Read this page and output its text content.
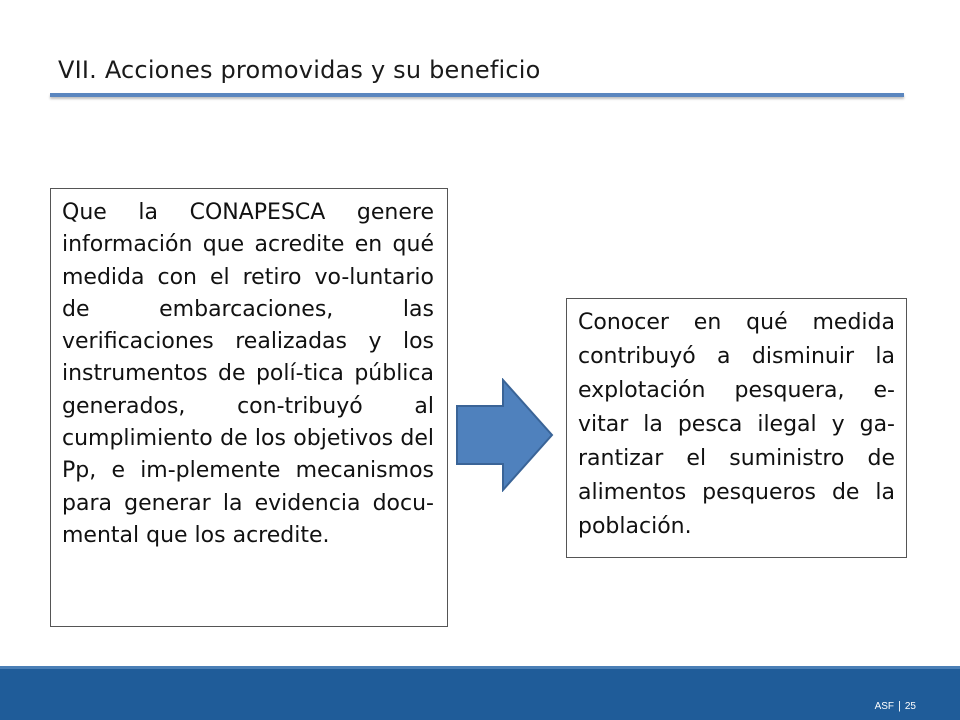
VII. Acciones promovidas y su beneficio
Que la CONAPESCA genere información que acredite en qué medida con el retiro vo-luntario de embarcaciones, las verificaciones realizadas y los instrumentos de polí-tica pública generados, con-tribuyó al cumplimiento de los objetivos del Pp, e im-plemente mecanismos para generar la evidencia docu-mental que los acredite.
Conocer en qué medida contribuyó a disminuir la explotación pesquera, e-vitar la pesca ilegal y ga-rantizar el suministro de alimentos pesqueros de la población.
ASF | 25
